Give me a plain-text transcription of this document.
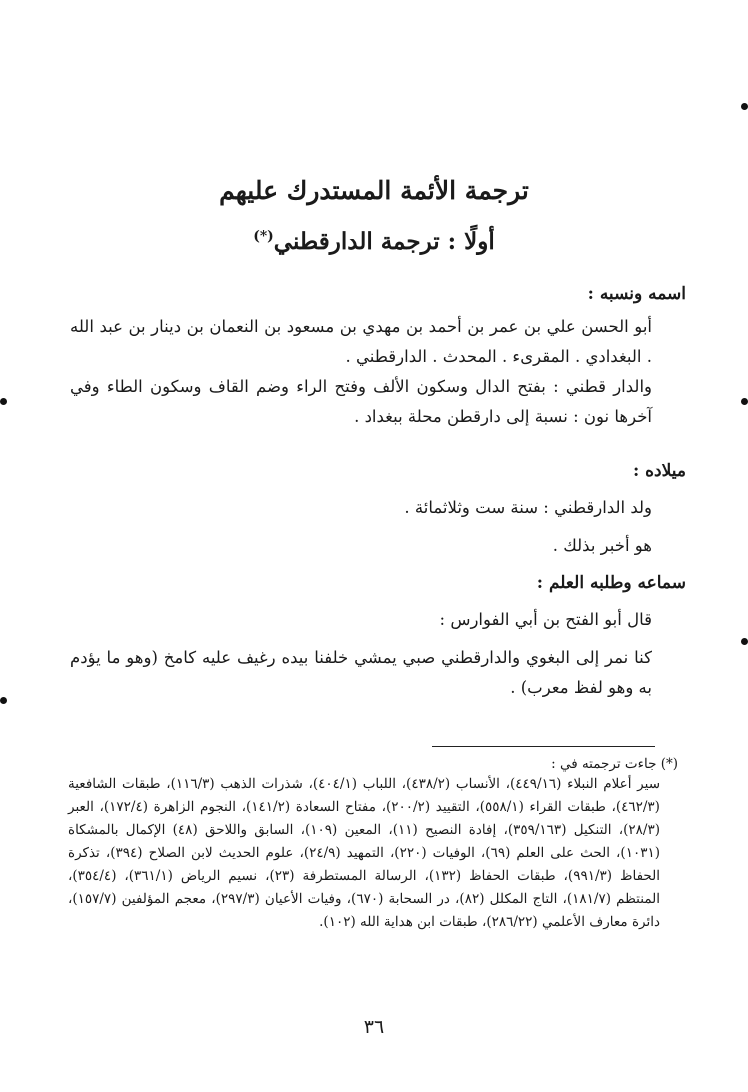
ترجمة الأئمة المستدرك عليهم
أولًا : ترجمة الدارقطني(*)
اسمه ونسبه :
أبو الحسن علي بن عمر بن أحمد بن مهدي بن مسعود بن النعمان بن دينار بن عبد الله . البغدادي . المقرىء . المحدث . الدارقطني .
والدار قطني : بفتح الدال وسكون الألف وفتح الراء وضم القاف وسكون الطاء وفي آخرها نون : نسبة إلى دارقطن محلة ببغداد .
ميلاده :
ولد الدارقطني : سنة ست وثلاثمائة .
هو أخبر بذلك .
سماعه وطلبه العلم :
قال أبو الفتح بن أبي الفوارس :
كنا نمر إلى البغوي والدارقطني صبي يمشي خلفنا بيده رغيف عليه كامخ (وهو ما يؤدم به وهو لفظ معرب) .
(*) جاءت ترجمته في :
سير أعلام النبلاء (٤٤٩/١٦)، الأنساب (٤٣٨/٢)، اللباب (٤٠٤/١)، شذرات الذهب (١١٦/٣)، طبقات الشافعية (٤٦٢/٣)، طبقات القراء (٥٥٨/١)، التقييد (٢٠٠/٢)، مفتاح السعادة (١٤١/٢)، النجوم الزاهرة (١٧٢/٤)، العبر (٢٨/٣)، التنكيل (٣٥٩/١٦٣)، إفادة النصيح (١١)، المعين (١٠٩)، السابق واللاحق (٤٨) الإكمال بالمشكاة (١٠٣١)، الحث على العلم (٦٩)، الوفيات (٢٢٠)، التمهيد (٢٤/٩)، علوم الحديث لابن الصلاح (٣٩٤)، تذكرة الحفاظ (٩٩١/٣)، طبقات الحفاظ (١٣٢)، الرسالة المستطرفة (٢٣)، نسيم الرياض (٣٦١/١)، (٣٥٤/٤)، المنتظم (١٨١/٧)، التاج المكلل (٨٢)، در السحابة (٦٧٠)، وفيات الأعيان (٢٩٧/٣)، معجم المؤلفين (١٥٧/٧)، دائرة معارف الأعلمي (٢٨٦/٢٢)، طبقات ابن هداية الله (١٠٢).
٣٦
